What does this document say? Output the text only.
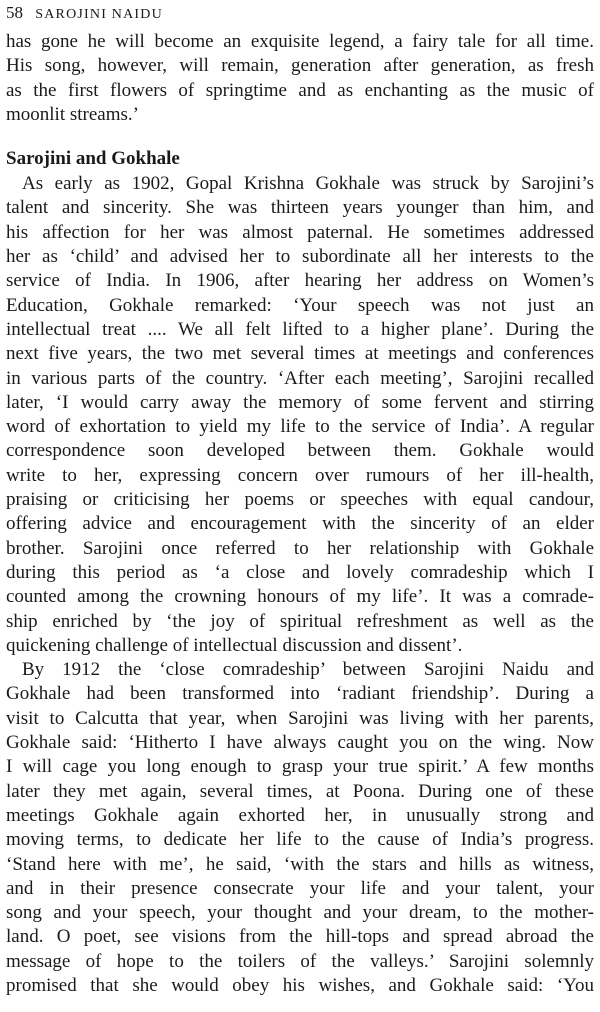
58 SAROJINI NAIDU

has gone he will become an exquisite legend, a fairy tale for all time.
His song, however, will remain, generation after generation, as fresh
as the first flowers of springtime and as enchanting as the music of
moonlit streams.’

Sarojini and Gokhale

As early as 1902, Gopal Krishna Gokhale was struck by Sarojini’s
talent and sincerity. She was thirteen years younger than him, and
his affection for her was almost paternal. He sometimes addressed
her as ‘child’ and advised her to subordinate all her interests to the
service of India. In 1906, after hearing her address on Women’s
Education, Gokhale remarked: ‘Your speech was not just an
intellectual treat .... We all felt lifted to a higher plane’. During the
next five years, the two met several times at meetings and conferences
in various parts of the country. ‘After each meeting’, Sarojini recalled
later, ‘I would carry away the memory of some fervent and stirring
word of exhortation to yield my life to the service of India’. A regular
correspondence soon developed between them. Gokhale would
write to her, expressing concern over rumours of her ill-health,
praising or criticising her poems or speeches with equal candour,
offering advice and encouragement with the sincerity of an elder
brother. Sarojini once referred to her relationship with Gokhale
during this period as ‘a close and lovely comradeship which I
counted among the crowning honours of my life’. It was a comrade-
ship enriched by ‘the joy of spiritual refreshment as well as the
quickening challenge of intellectual discussion and dissent’.

By 1912 the ‘close comradeship’ between Sarojini Naidu and
Gokhale had been transformed into ‘radiant friendship’. During a
visit to Calcutta that year, when Sarojini was living with her parents,
Gokhale said: ‘Hitherto I have always caught you on the wing. Now
I will cage you long enough to grasp your true spirit.’ A few months
later they met again, several times, at Poona. During one of these
meetings Gokhale again exhorted her, in unusually strong and
moving terms, to dedicate her life to the cause of India’s progress.
‘Stand here with me’, he said, ‘with the stars and hills as witness,
and in their presence consecrate your life and your talent, your
song and your speech, your thought and your dream, to the mother-
land. O poet, see visions from the hill-tops and spread abroad the
message of hope to the toilers of the valleys.’ Sarojini solemnly
promised that she would obey his wishes, and Gokhale said: ‘You
